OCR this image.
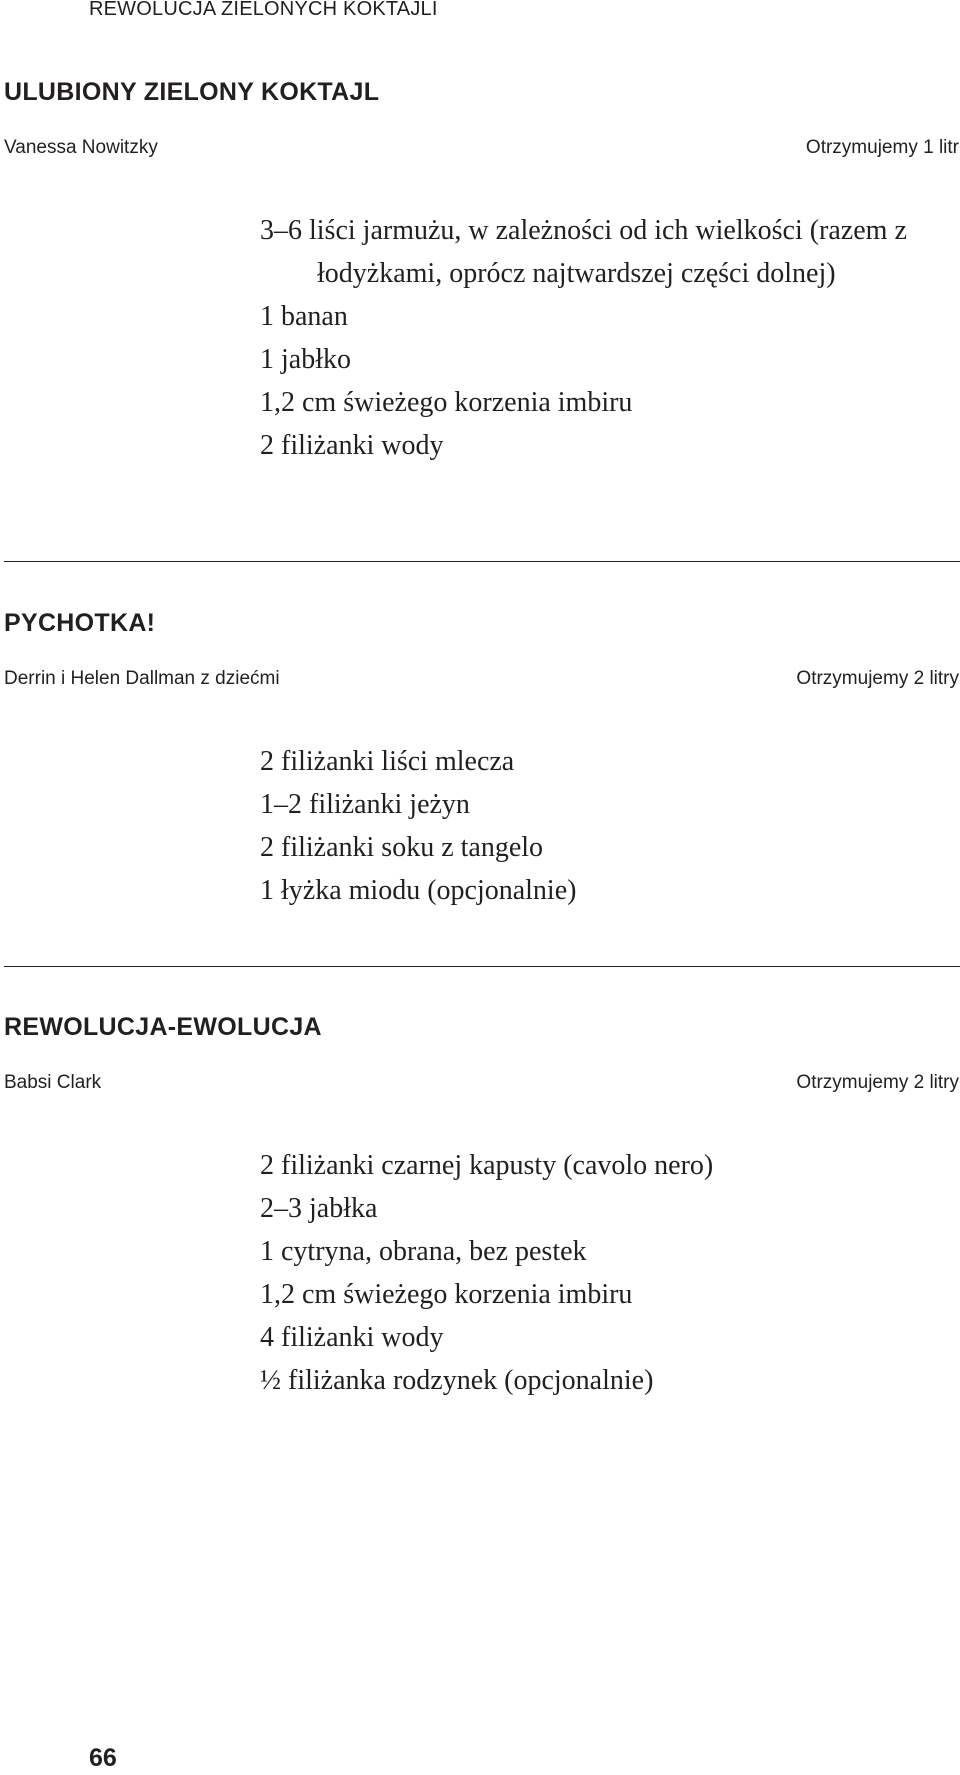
REWOLUCJA ZIELONYCH KOKTAJLI
ULUBIONY ZIELONY KOKTAJL
Vanessa Nowitzky	Otrzymujemy 1 litr
3–6 liści jarmużu, w zależności od ich wielkości (razem z łodyżkami, oprócz najtwardszej części dolnej)
1 banan
1 jabłko
1,2 cm świeżego korzenia imbiru
2 filiżanki wody
PYCHOTKA!
Derrin i Helen Dallman z dziećmi	Otrzymujemy 2 litry
2 filiżanki liści mlecza
1–2 filiżanki jeżyn
2 filiżanki soku z tangelo
1 łyżka miodu (opcjonalnie)
REWOLUCJA-EWOLUCJA
Babsi Clark	Otrzymujemy 2 litry
2 filiżanki czarnej kapusty (cavolo nero)
2–3 jabłka
1 cytryna, obrana, bez pestek
1,2 cm świeżego korzenia imbiru
4 filiżanki wody
½ filiżanka rodzynek (opcjonalnie)
66
